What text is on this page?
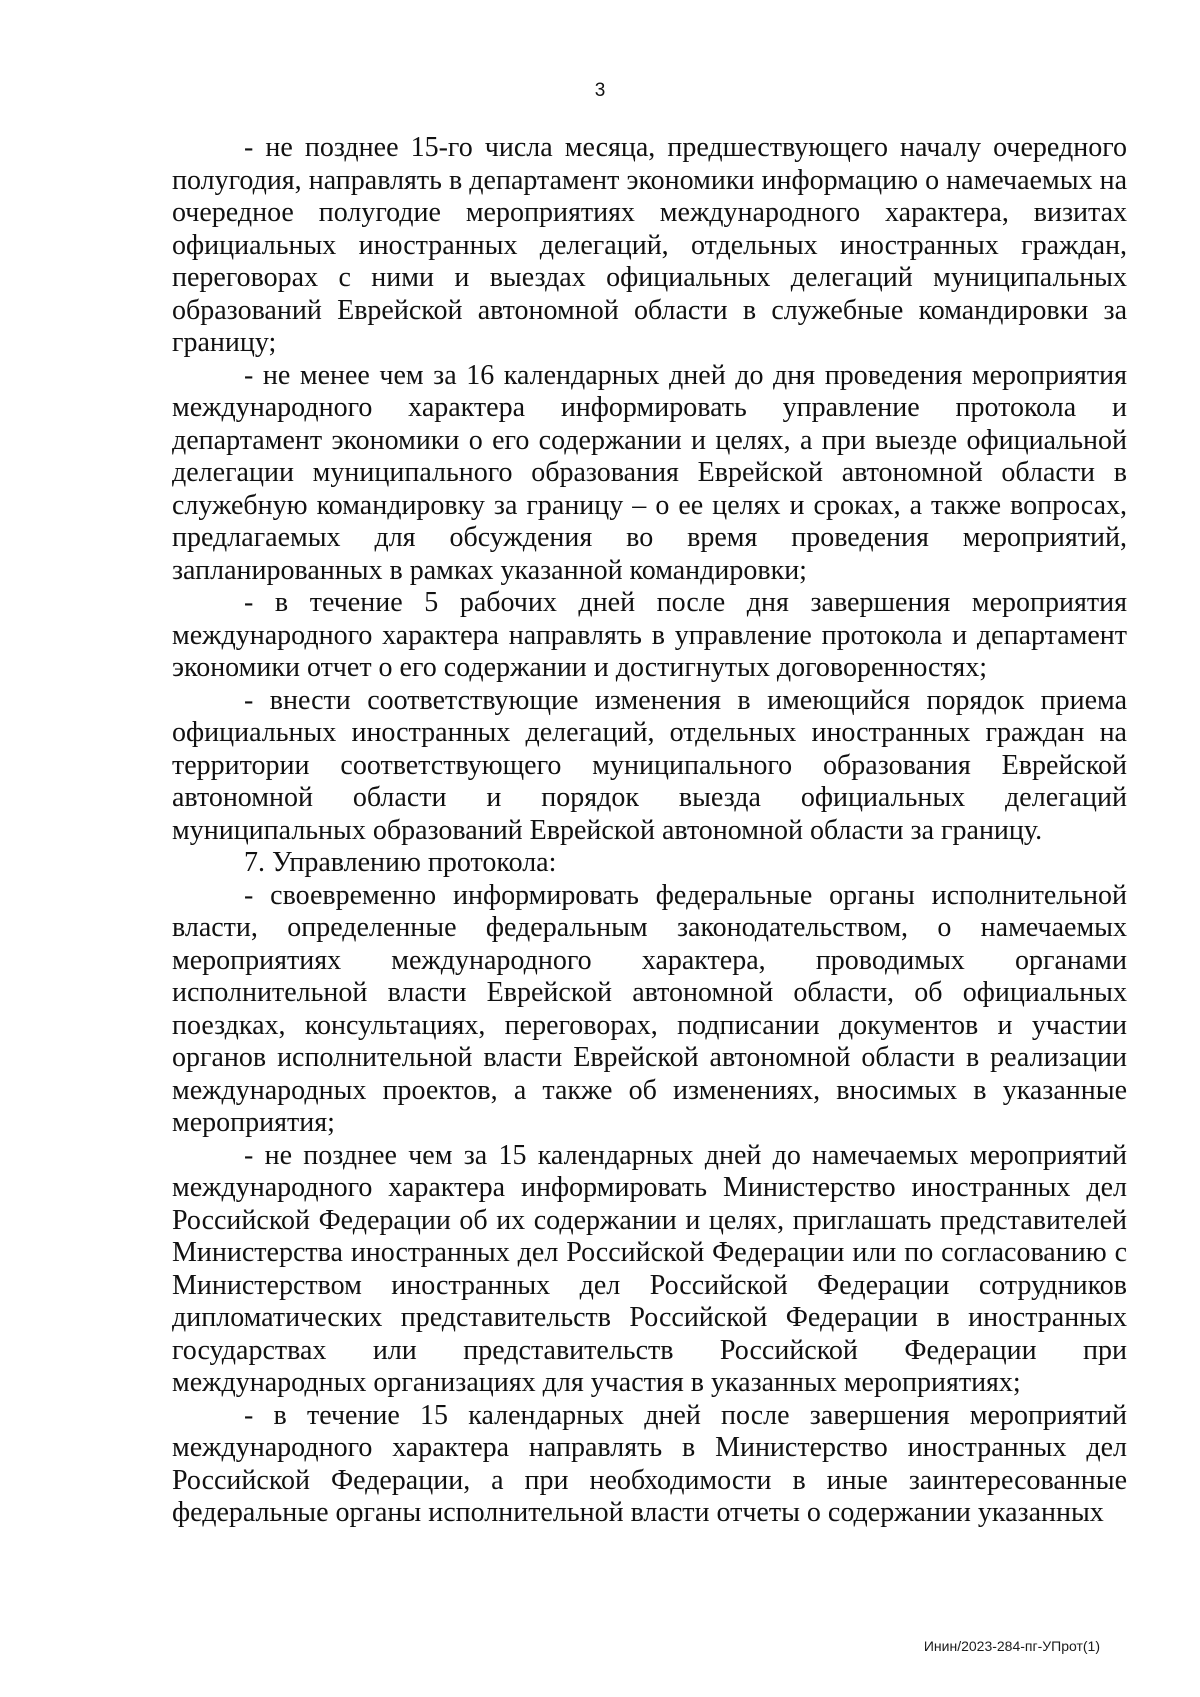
3

- не позднее 15-го числа месяца, предшествующего началу очередного полугодия, направлять в департамент экономики информацию о намечаемых на очередное полугодие мероприятиях международного характера, визитах официальных иностранных делегаций, отдельных иностранных граждан, переговорах с ними и выездах официальных делегаций муниципальных образований Еврейской автономной области в служебные командировки за границу;

- не менее чем за 16 календарных дней до дня проведения мероприятия международного характера информировать управление протокола и департамент экономики о его содержании и целях, а при выезде официальной делегации муниципального образования Еврейской автономной области в служебную командировку за границу – о ее целях и сроках, а также вопросах, предлагаемых для обсуждения во время проведения мероприятий, запланированных в рамках указанной командировки;

- в течение 5 рабочих дней после дня завершения мероприятия международного характера направлять в управление протокола и департамент экономики отчет о его содержании и достигнутых договоренностях;

- внести соответствующие изменения в имеющийся порядок приема официальных иностранных делегаций, отдельных иностранных граждан на территории соответствующего муниципального образования Еврейской автономной области и порядок выезда официальных делегаций муниципальных образований Еврейской автономной области за границу.

7. Управлению протокола:

- своевременно информировать федеральные органы исполнительной власти, определенные федеральным законодательством, о намечаемых мероприятиях международного характера, проводимых органами исполнительной власти Еврейской автономной области, об официальных поездках, консультациях, переговорах, подписании документов и участии органов исполнительной власти Еврейской автономной области в реализации международных проектов, а также об изменениях, вносимых в указанные мероприятия;

- не позднее чем за 15 календарных дней до намечаемых мероприятий международного характера информировать Министерство иностранных дел Российской Федерации об их содержании и целях, приглашать представителей Министерства иностранных дел Российской Федерации или по согласованию с Министерством иностранных дел Российской Федерации сотрудников дипломатических представительств Российской Федерации в иностранных государствах или представительств Российской Федерации при международных организациях для участия в указанных мероприятиях;

- в течение 15 календарных дней после завершения мероприятий международного характера направлять в Министерство иностранных дел Российской Федерации, а при необходимости в иные заинтересованные федеральные органы исполнительной власти отчеты о содержании указанных

Инин/2023-284-пг-УПрот(1)
